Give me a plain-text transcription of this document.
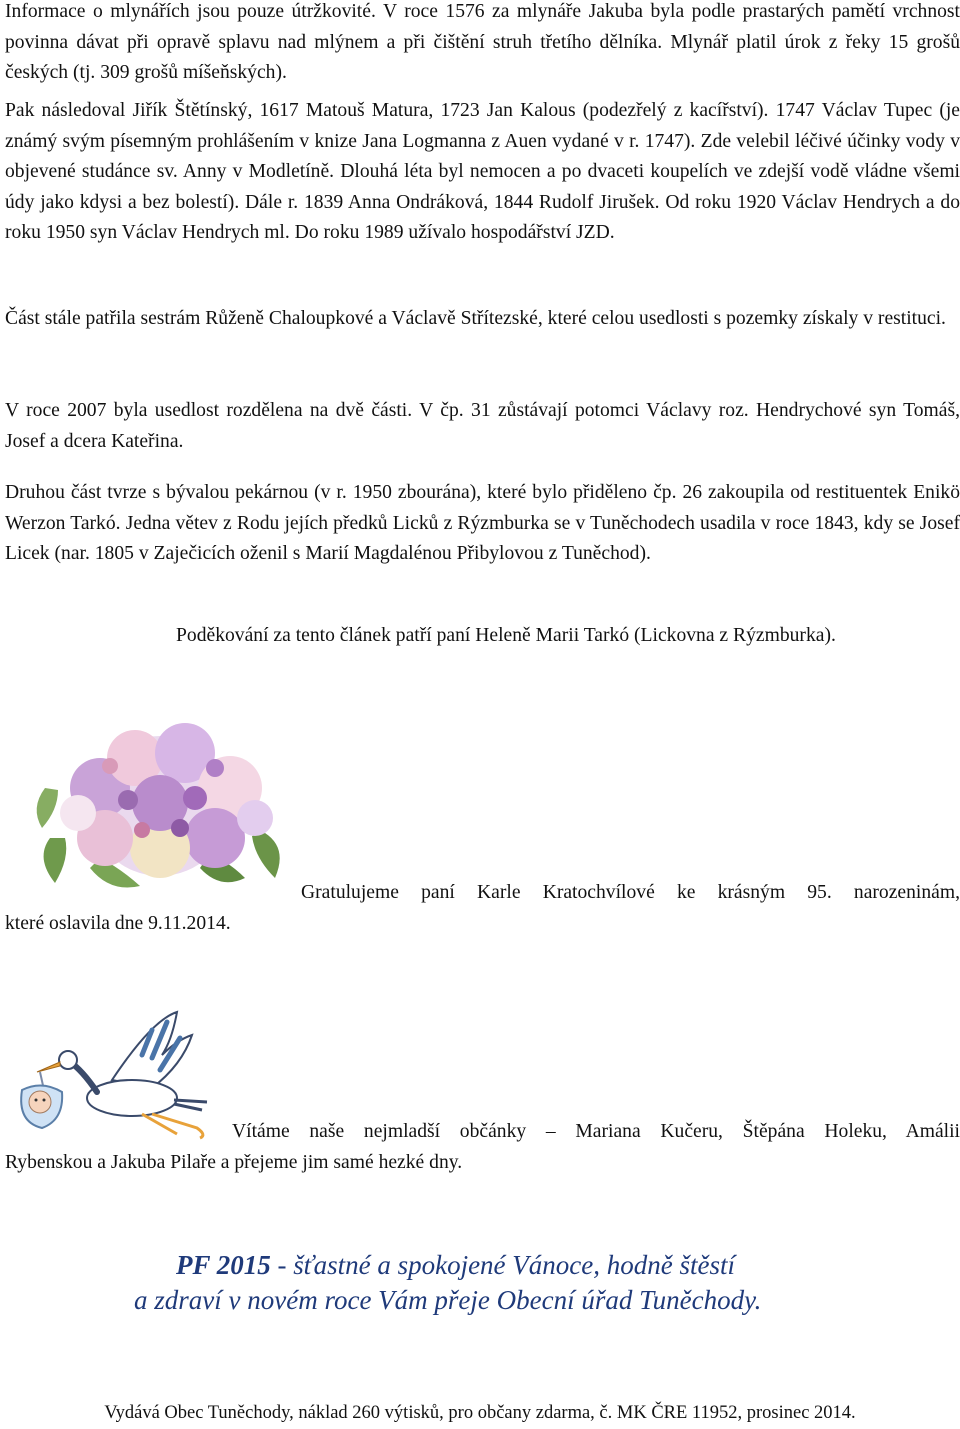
Informace o mlynářích jsou pouze útržkovité. V roce 1576 za mlynáře Jakuba byla podle prastarých pamětí vrchnost povinna dávat při opravě splavu nad mlýnem a při čištění struh třetího dělníka. Mlynář platil úrok z řeky 15 grošů českých (tj. 309 grošů míšeňských).

Pak následoval Jiřík Štětínský, 1617 Matouš Matura, 1723 Jan Kalous (podezřelý z kacířství). 1747 Václav Tupec (je známý svým písemným prohlášením v knize Jana Logmanna z Auen vydané v r. 1747). Zde velebil léčivé účinky vody v objevené studánce sv. Anny v Modletíně. Dlouhá léta byl nemocen a po dvaceti koupelích ve zdejší vodě vládne všemi údy jako kdysi a bez bolestí). Dále r. 1839 Anna Ondráková, 1844 Rudolf Jirušek. Od roku 1920 Václav Hendrych a do roku 1950 syn Václav Hendrych ml. Do roku 1989 užívalo hospodářství JZD.

Část stále patřila sestrám Růženě Chaloupkové a Václavě Střítezské, které celou usedlosti s pozemky získaly v restituci.

V roce 2007 byla usedlost rozdělena na dvě části. V čp. 31 zůstávají potomci Václavy roz. Hendrychové syn Tomáš, Josef a dcera Kateřina.

Druhou část tvrze s bývalou pekárnou (v r. 1950 zbourána), které bylo přiděleno čp. 26 zakoupila od restituentek Enikö Werzon Tarkó. Jedna větev z Rodu jejích předků Licků z Rýzmburka se v Tuněchodech usadila v roce 1843, kdy se Josef Licek (nar. 1805 v Zaječicích oženil s Marií Magdalénou Přibylovou z Tuněchod).

Poděkování za tento článek patří paní Heleně Marii Tarkó (Lickovna z Rýzmburka).

Gratulujeme paní Karle Kratochvílové ke krásným 95. narozeninám,

které oslavila dne 9.11.2014.

Vítáme naše nejmladší občánky – Mariana Kučeru, Štěpána Holeku, Amálii

Rybenskou a Jakuba Pilaře a přejeme jim samé hezké dny.

PF 2015 - šťastné a spokojené Vánoce, hodně štěstí
a zdraví v novém roce Vám přeje Obecní úřad Tuněchody.

Vydává Obec Tuněchody, náklad 260 výtisků, pro občany zdarma, č. MK ČRE 11952, prosinec 2014.
